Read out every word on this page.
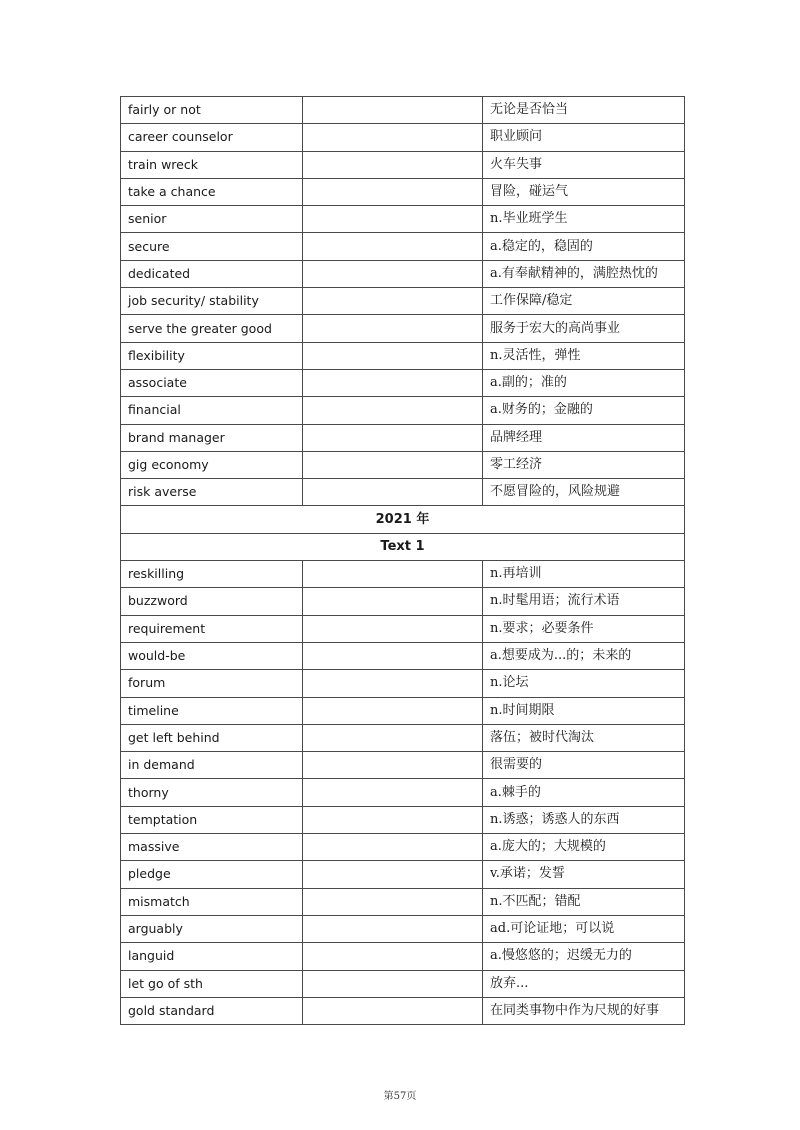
fairly or not		无论是否恰当
career counselor		职业顾问
train wreck		火车失事
take a chance		冒险，碰运气
senior		n.毕业班学生
secure		a.稳定的，稳固的
dedicated		a.有奉献精神的，满腔热忱的
job security/ stability		工作保障/稳定
serve the greater good		服务于宏大的高尚事业
flexibility		n.灵活性，弹性
associate		a.副的；准的
financial		a.财务的；金融的
brand manager		品牌经理
gig economy		零工经济
risk averse		不愿冒险的，风险规避
2021 年		
Text 1		
reskilling		n.再培训
buzzword		n.时髦用语；流行术语
requirement		n.要求；必要条件
would-be		a.想要成为...的；未来的
forum		n.论坛
timeline		n.时间期限
get left behind		落伍；被时代淘汰
in demand		很需要的
thorny		a.棘手的
temptation		n.诱惑；诱惑人的东西
massive		a.庞大的；大规模的
pledge		v.承诺；发誓
mismatch		n.不匹配；错配
arguably		ad.可论证地；可以说
languid		a.慢悠悠的；迟缓无力的
let go of sth		放弃...
gold standard		在同类事物中作为尺规的好事
第57页
